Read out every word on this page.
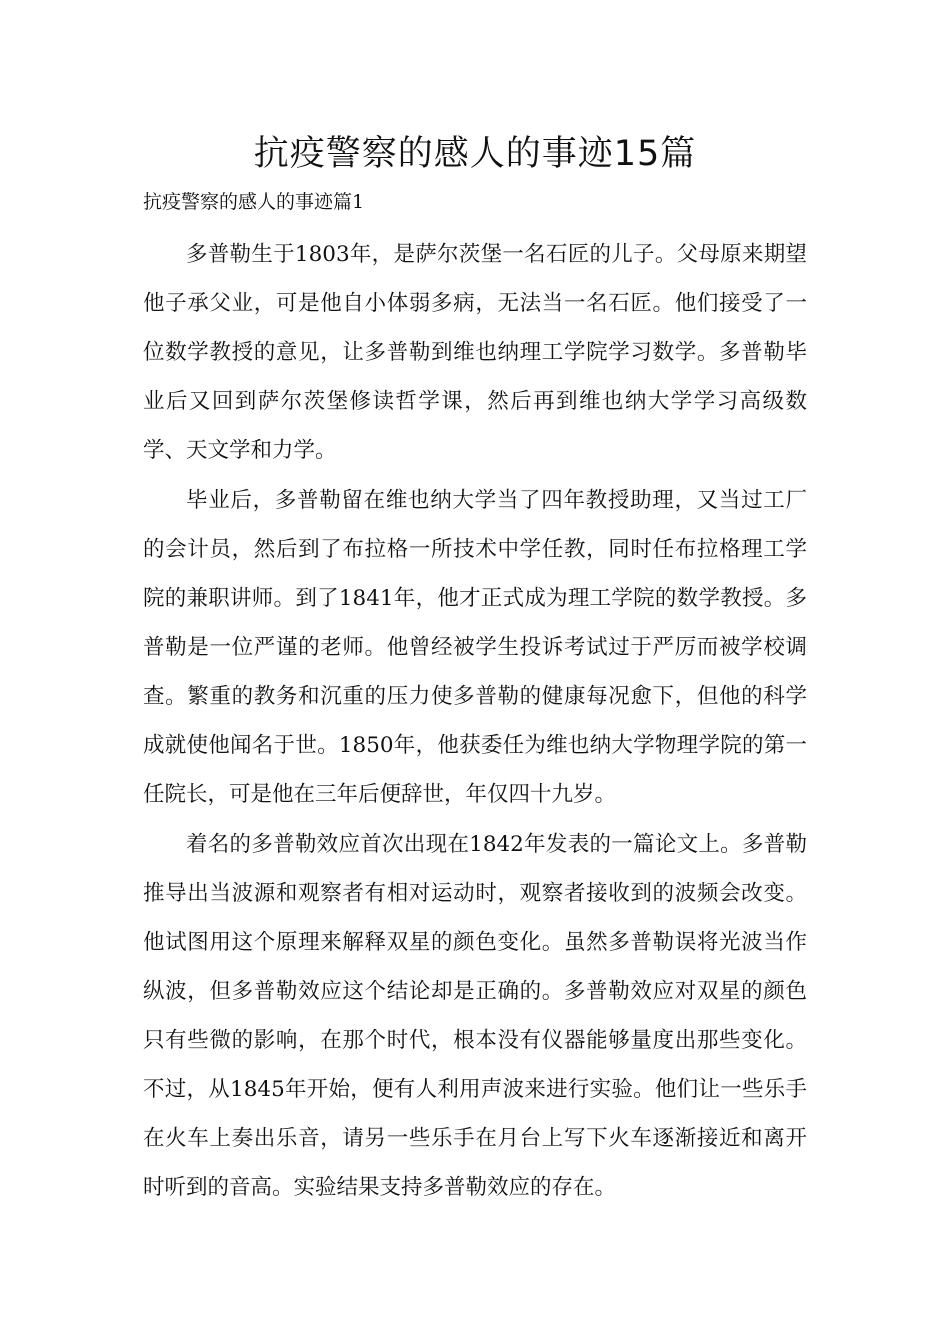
抗疫警察的感人的事迹15篇
抗疫警察的感人的事迹篇1

多普勒生于1803年，是萨尔茨堡一名石匠的儿子。父母原来期望他子承父业，可是他自小体弱多病，无法当一名石匠。他们接受了一位数学教授的意见，让多普勒到维也纳理工学院学习数学。多普勒毕业后又回到萨尔茨堡修读哲学课，然后再到维也纳大学学习高级数学、天文学和力学。

毕业后，多普勒留在维也纳大学当了四年教授助理，又当过工厂的会计员，然后到了布拉格一所技术中学任教，同时任布拉格理工学院的兼职讲师。到了1841年，他才正式成为理工学院的数学教授。多普勒是一位严谨的老师。他曾经被学生投诉考试过于严厉而被学校调查。繁重的教务和沉重的压力使多普勒的健康每况愈下，但他的科学成就使他闻名于世。1850年，他获委任为维也纳大学物理学院的第一任院长，可是他在三年后便辞世，年仅四十九岁。

着名的多普勒效应首次出现在1842年发表的一篇论文上。多普勒推导出当波源和观察者有相对运动时，观察者接收到的波频会改变。他试图用这个原理来解释双星的颜色变化。虽然多普勒误将光波当作纵波，但多普勒效应这个结论却是正确的。多普勒效应对双星的颜色只有些微的影响，在那个时代，根本没有仪器能够量度出那些变化。不过，从1845年开始，便有人利用声波来进行实验。他们让一些乐手在火车上奏出乐音，请另一些乐手在月台上写下火车逐渐接近和离开时听到的音高。实验结果支持多普勒效应的存在。
